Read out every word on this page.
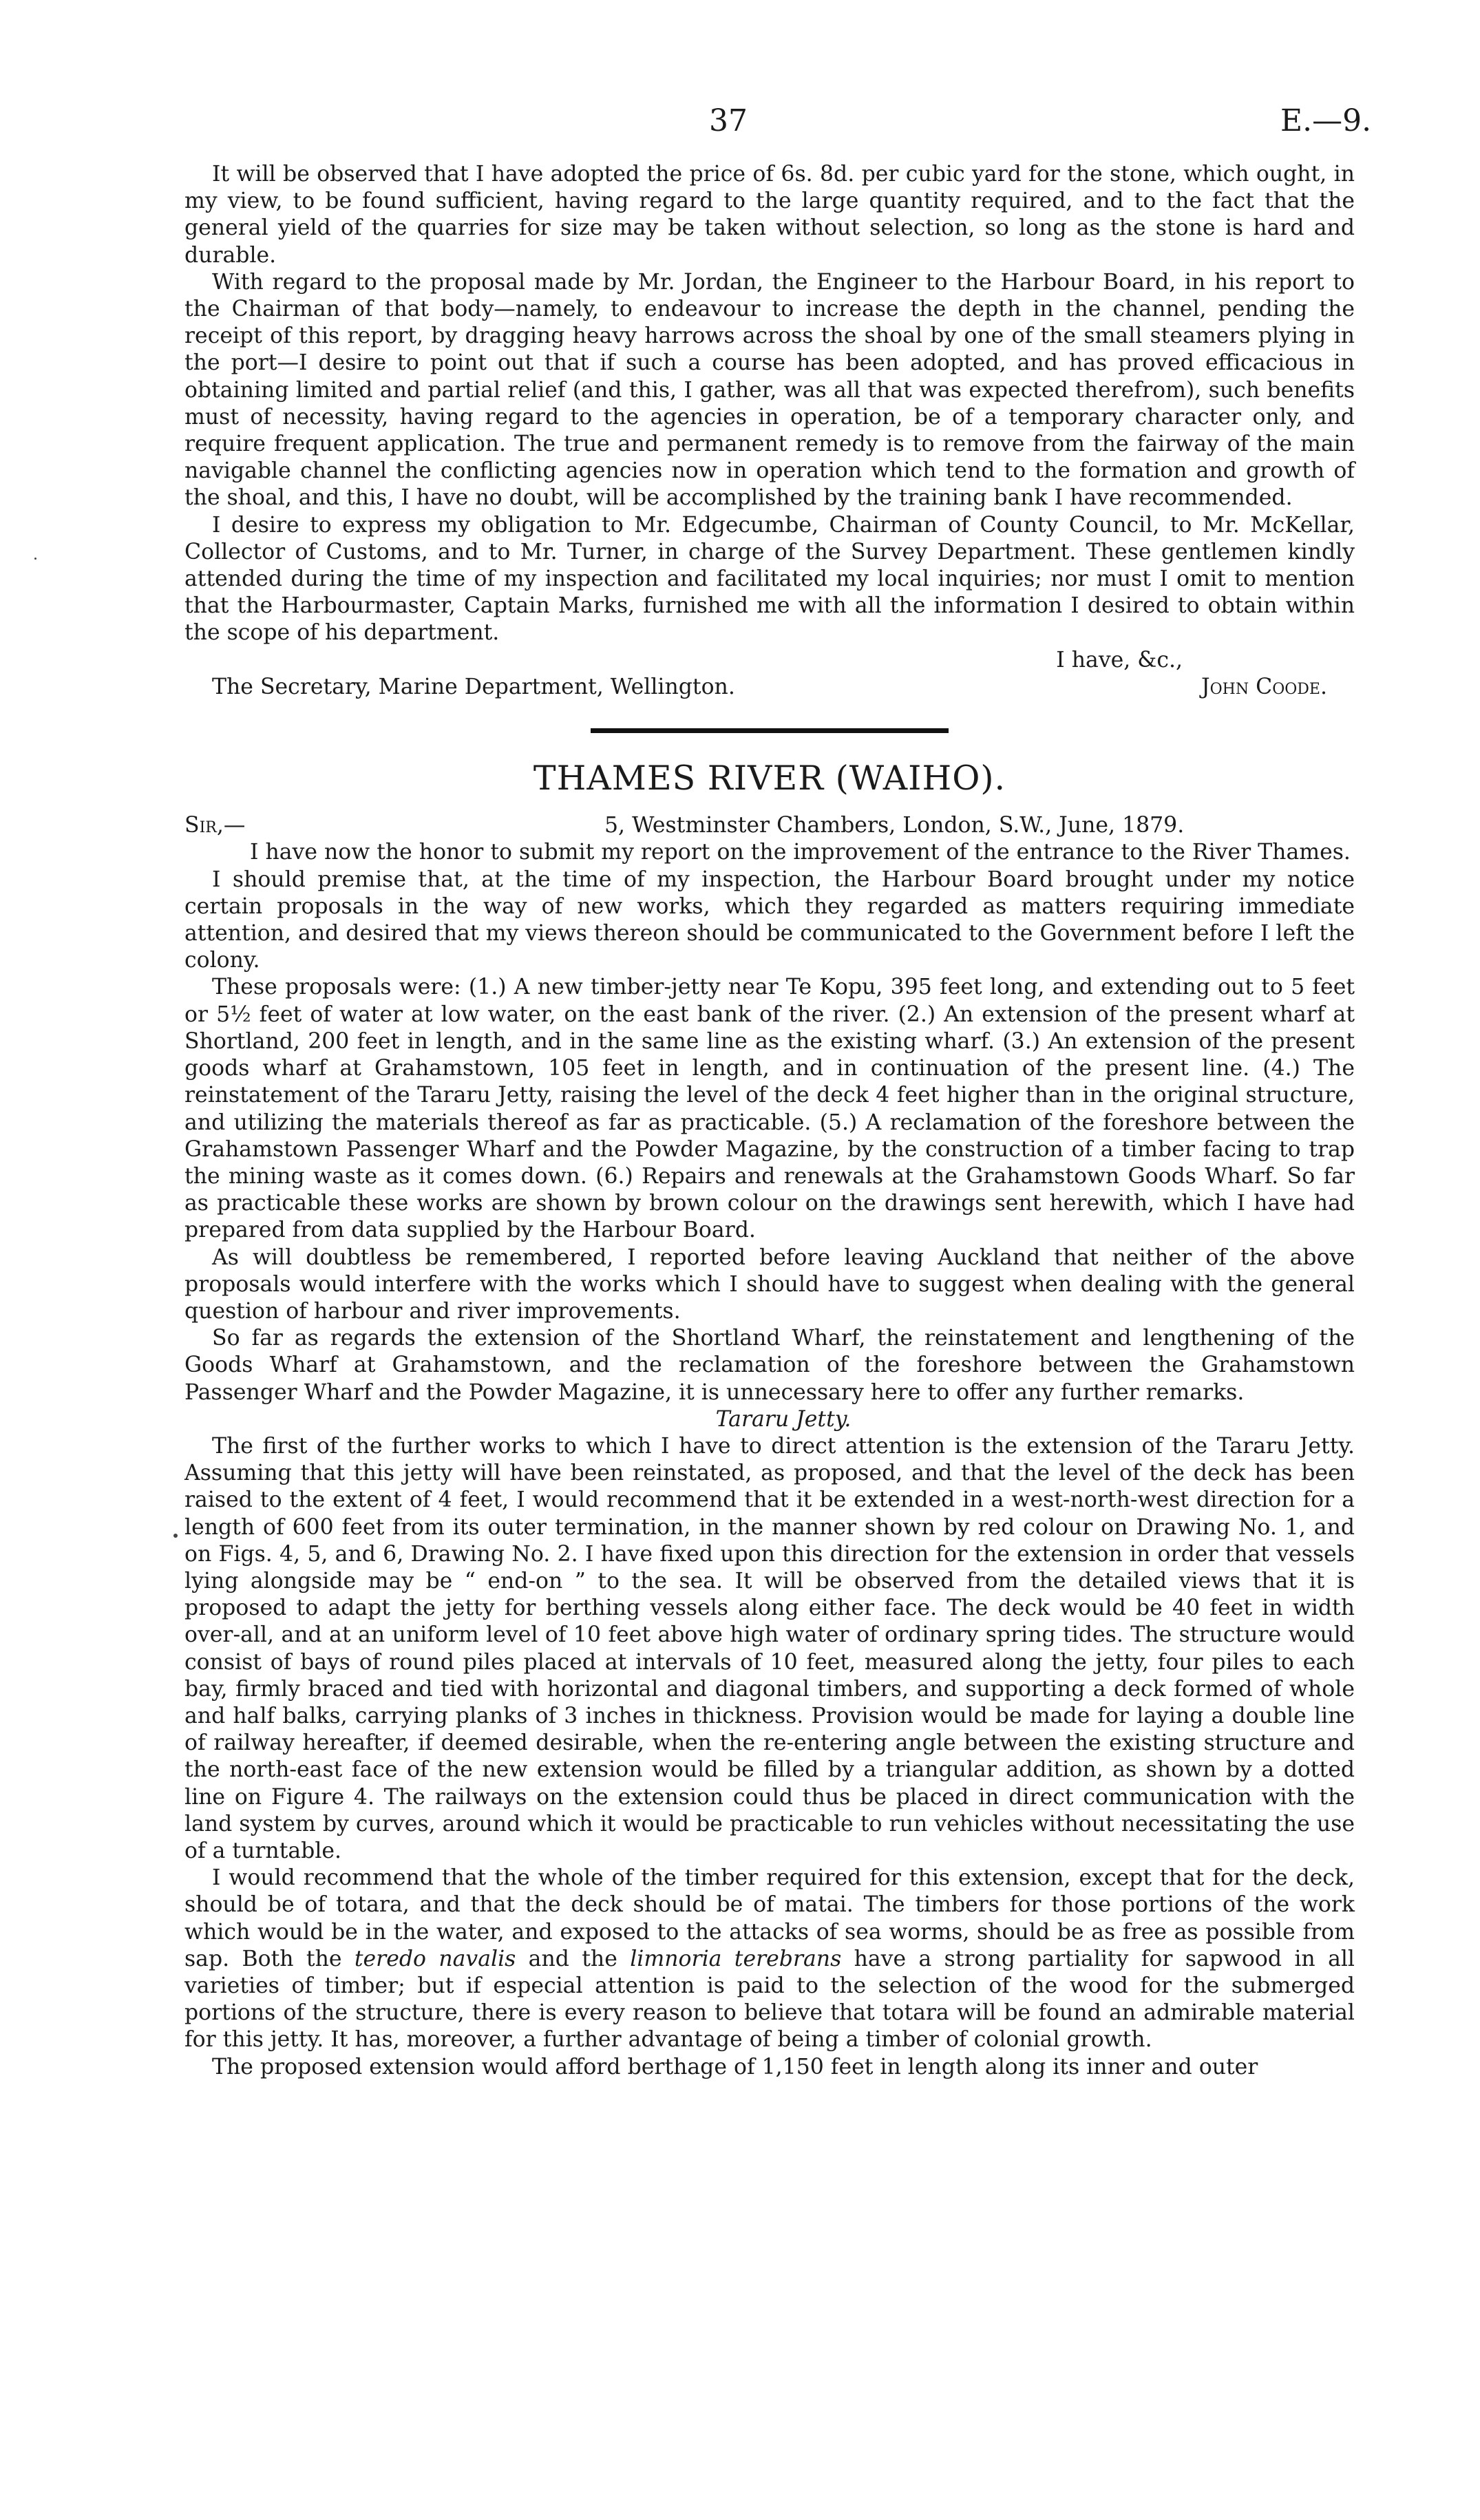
37	E.—9.

It will be observed that I have adopted the price of 6s. 8d. per cubic yard for the stone, which ought, in my view, to be found sufficient, having regard to the large quantity required, and to the fact that the general yield of the quarries for size may be taken without selection, so long as the stone is hard and durable.

With regard to the proposal made by Mr. Jordan, the Engineer to the Harbour Board, in his report to the Chairman of that body—namely, to endeavour to increase the depth in the channel, pending the receipt of this report, by dragging heavy harrows across the shoal by one of the small steamers plying in the port—I desire to point out that if such a course has been adopted, and has proved efficacious in obtaining limited and partial relief (and this, I gather, was all that was expected therefrom), such benefits must of necessity, having regard to the agencies in operation, be of a temporary character only, and require frequent application. The true and permanent remedy is to remove from the fairway of the main navigable channel the conflicting agencies now in operation which tend to the formation and growth of the shoal, and this, I have no doubt, will be accomplished by the training bank I have recommended.

I desire to express my obligation to Mr. Edgecumbe, Chairman of County Council, to Mr. McKellar, Collector of Customs, and to Mr. Turner, in charge of the Survey Department. These gentlemen kindly attended during the time of my inspection and facilitated my local inquiries; nor must I omit to mention that the Harbourmaster, Captain Marks, furnished me with all the information I desired to obtain within the scope of his department.

I have, &c.,
The Secretary, Marine Department, Wellington.	John Coode.
THAMES RIVER (WAIHO).
Sir,—	5, Westminster Chambers, London, S.W., June, 1879.

I have now the honor to submit my report on the improvement of the entrance to the River Thames.

I should premise that, at the time of my inspection, the Harbour Board brought under my notice certain proposals in the way of new works, which they regarded as matters requiring immediate attention, and desired that my views thereon should be communicated to the Government before I left the colony.

These proposals were: (1.) A new timber-jetty near Te Kopu, 395 feet long, and extending out to 5 feet or 5½ feet of water at low water, on the east bank of the river. (2.) An extension of the present wharf at Shortland, 200 feet in length, and in the same line as the existing wharf. (3.) An extension of the present goods wharf at Grahamstown, 105 feet in length, and in continuation of the present line. (4.) The reinstatement of the Tararu Jetty, raising the level of the deck 4 feet higher than in the original structure, and utilizing the materials thereof as far as practicable. (5.) A reclamation of the foreshore between the Grahamstown Passenger Wharf and the Powder Magazine, by the construction of a timber facing to trap the mining waste as it comes down. (6.) Repairs and renewals at the Grahamstown Goods Wharf. So far as practicable these works are shown by brown colour on the drawings sent herewith, which I have had prepared from data supplied by the Harbour Board.

As will doubtless be remembered, I reported before leaving Auckland that neither of the above proposals would interfere with the works which I should have to suggest when dealing with the general question of harbour and river improvements.

So far as regards the extension of the Shortland Wharf, the reinstatement and lengthening of the Goods Wharf at Grahamstown, and the reclamation of the foreshore between the Grahamstown Passenger Wharf and the Powder Magazine, it is unnecessary here to offer any further remarks.

Tararu Jetty.

The first of the further works to which I have to direct attention is the extension of the Tararu Jetty. Assuming that this jetty will have been reinstated, as proposed, and that the level of the deck has been raised to the extent of 4 feet, I would recommend that it be extended in a west-north-west direction for a length of 600 feet from its outer termination, in the manner shown by red colour on Drawing No. 1, and on Figs. 4, 5, and 6, Drawing No. 2. I have fixed upon this direction for the extension in order that vessels lying alongside may be “ end-on ” to the sea. It will be observed from the detailed views that it is proposed to adapt the jetty for berthing vessels along either face. The deck would be 40 feet in width over-all, and at an uniform level of 10 feet above high water of ordinary spring tides. The structure would consist of bays of round piles placed at intervals of 10 feet, measured along the jetty, four piles to each bay, firmly braced and tied with horizontal and diagonal timbers, and supporting a deck formed of whole and half balks, carrying planks of 3 inches in thickness. Provision would be made for laying a double line of railway hereafter, if deemed desirable, when the re-entering angle between the existing structure and the north-east face of the new extension would be filled by a triangular addition, as shown by a dotted line on Figure 4. The railways on the extension could thus be placed in direct communication with the land system by curves, around which it would be practicable to run vehicles without necessitating the use of a turntable.

I would recommend that the whole of the timber required for this extension, except that for the deck, should be of totara, and that the deck should be of matai. The timbers for those portions of the work which would be in the water, and exposed to the attacks of sea worms, should be as free as possible from sap. Both the teredo navalis and the limnoria terebrans have a strong partiality for sapwood in all varieties of timber; but if especial attention is paid to the selection of the wood for the submerged portions of the structure, there is every reason to believe that totara will be found an admirable material for this jetty. It has, moreover, a further advantage of being a timber of colonial growth.

The proposed extension would afford berthage of 1,150 feet in length along its inner and outer
